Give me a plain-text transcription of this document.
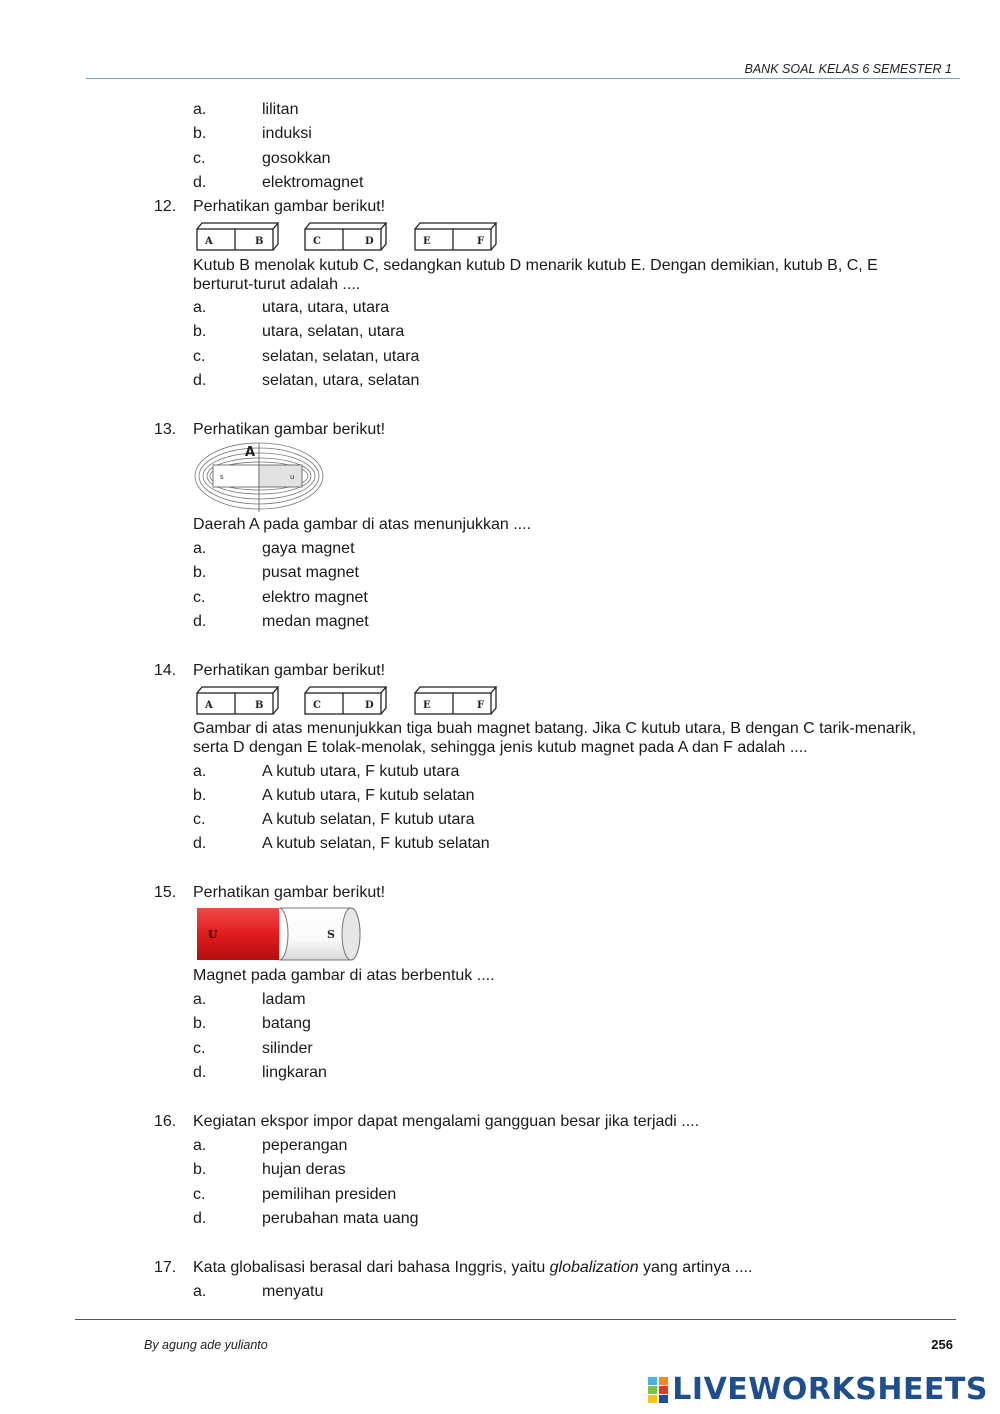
BANK SOAL KELAS 6 SEMESTER 1
a.	lilitan
b.	induksi
c.	gosokkan
d.	elektromagnet
12.	Perhatikan gambar berikut!
A	B	C	D	E	F
Kutub B menolak kutub C, sedangkan kutub D menarik kutub E. Dengan demikian, kutub B, C, E berturut-turut adalah ....
a.	utara, utara, utara
b.	utara, selatan, utara
c.	selatan, selatan, utara
d.	selatan, utara, selatan
13.	Perhatikan gambar berikut!
A
s	u
Daerah A pada gambar di atas menunjukkan ....
a.	gaya magnet
b.	pusat magnet
c.	elektro magnet
d.	medan magnet
14.	Perhatikan gambar berikut!
A	B	C	D	E	F
Gambar di atas menunjukkan tiga buah magnet batang. Jika C kutub utara, B dengan C tarik-menarik, serta D dengan E tolak-menolak, sehingga jenis kutub magnet pada A dan F adalah ....
a.	A kutub utara, F kutub utara
b.	A kutub utara, F kutub selatan
c.	A kutub selatan, F kutub utara
d.	A kutub selatan, F kutub selatan
15.	Perhatikan gambar berikut!
U	S
Magnet pada gambar di atas berbentuk ....
a.	ladam
b.	batang
c.	silinder
d.	lingkaran
16.	Kegiatan ekspor impor dapat mengalami gangguan besar jika terjadi ....
a.	peperangan
b.	hujan deras
c.	pemilihan presiden
d.	perubahan mata uang
17.	Kata globalisasi berasal dari bahasa Inggris, yaitu globalization yang artinya ....
a.	menyatu
By agung ade yulianto	256
LIVEWORKSHEETS
